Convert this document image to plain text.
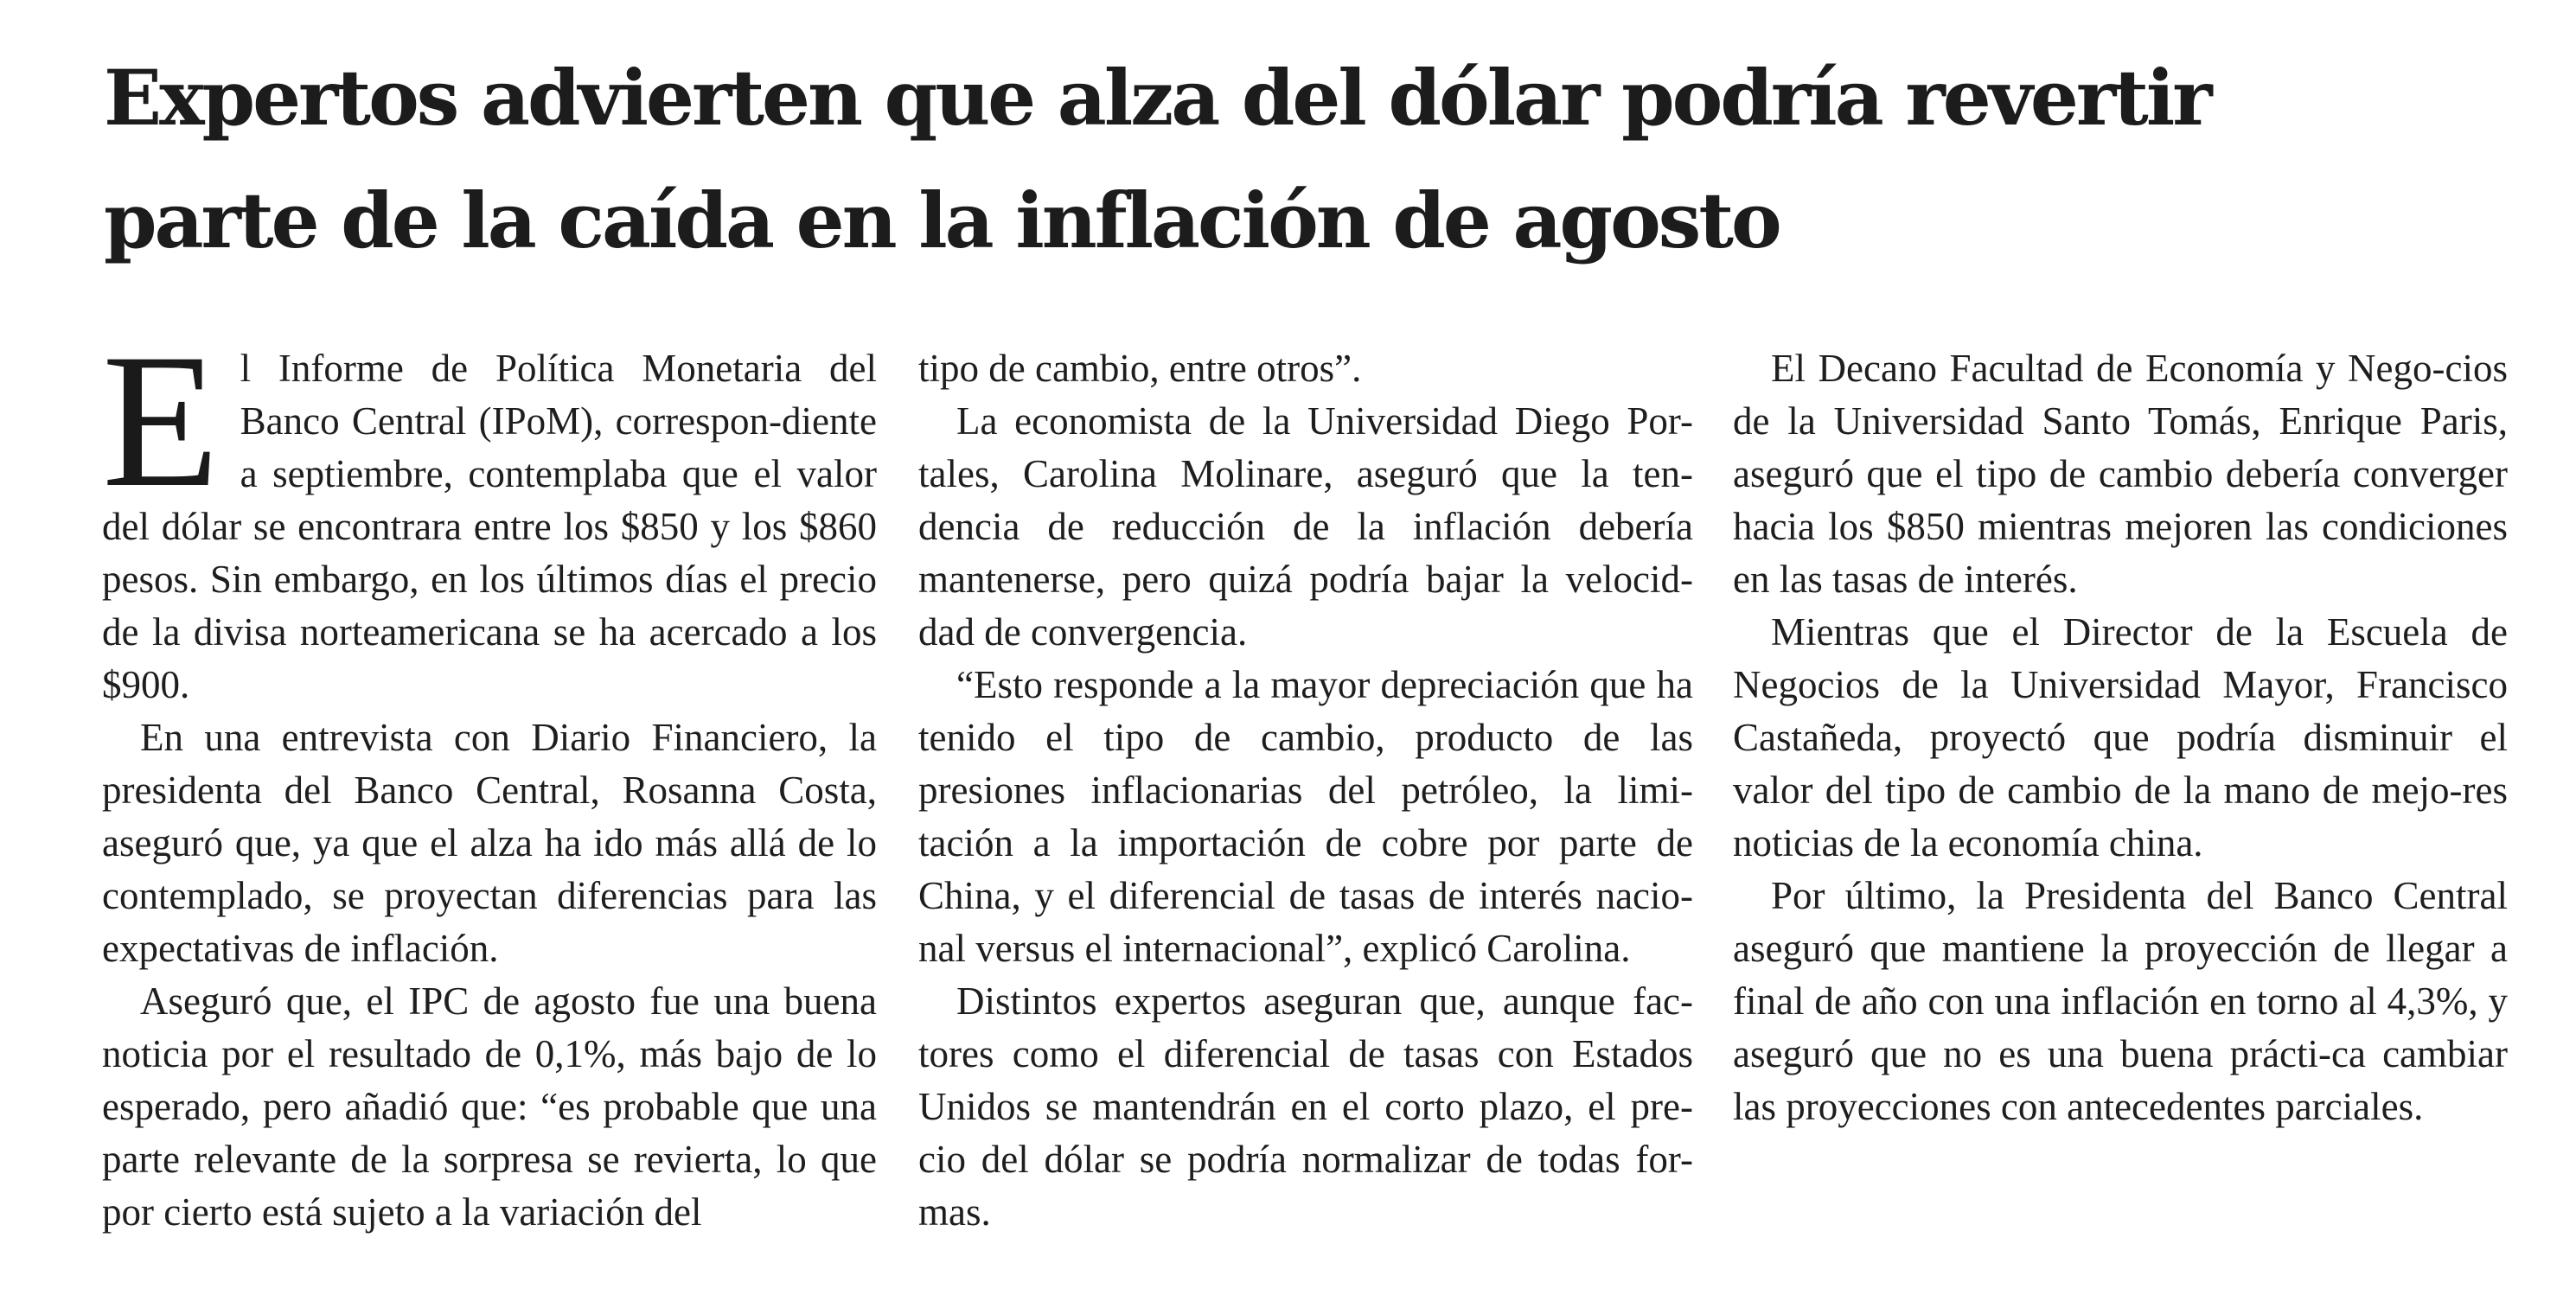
Expertos advierten que alza del dólar podría revertir
parte de la caída en la inflación de agosto

El Informe de Política Monetaria del Banco Central (IPoM), correspon-diente a septiembre, contemplaba que el valor del dólar se encontrara entre los $850 y los $860 pesos. Sin embargo, en los últimos días el precio de la divisa norteamericana se ha acercado a los $900.

En una entrevista con Diario Financiero, la presidenta del Banco Central, Rosanna Costa, aseguró que, ya que el alza ha ido más allá de lo contemplado, se proyectan diferencias para las expectativas de inflación.

Aseguró que, el IPC de agosto fue una buena noticia por el resultado de 0,1%, más bajo de lo esperado, pero añadió que: “es probable que una parte relevante de la sorpresa se revierta, lo que por cierto está sujeto a la variación del

tipo de cambio, entre otros”.

La economista de la Universidad Diego Por-tales, Carolina Molinare, aseguró que la ten-dencia de reducción de la inflación debería mantenerse, pero quizá podría bajar la velocid-dad de convergencia.

“Esto responde a la mayor depreciación que ha tenido el tipo de cambio, producto de las presiones inflacionarias del petróleo, la limi-tación a la importación de cobre por parte de China, y el diferencial de tasas de interés nacio-nal versus el internacional”, explicó Carolina.

Distintos expertos aseguran que, aunque fac-tores como el diferencial de tasas con Estados Unidos se mantendrán en el corto plazo, el pre-cio del dólar se podría normalizar de todas for-mas.

El Decano Facultad de Economía y Nego-cios de la Universidad Santo Tomás, Enrique Paris, aseguró que el tipo de cambio debería converger hacia los $850 mientras mejoren las condiciones en las tasas de interés.

Mientras que el Director de la Escuela de Negocios de la Universidad Mayor, Francisco Castañeda, proyectó que podría disminuir el valor del tipo de cambio de la mano de mejo-res noticias de la economía china.

Por último, la Presidenta del Banco Central aseguró que mantiene la proyección de llegar a final de año con una inflación en torno al 4,3%, y aseguró que no es una buena prácti-ca cambiar las proyecciones con antecedentes parciales.
